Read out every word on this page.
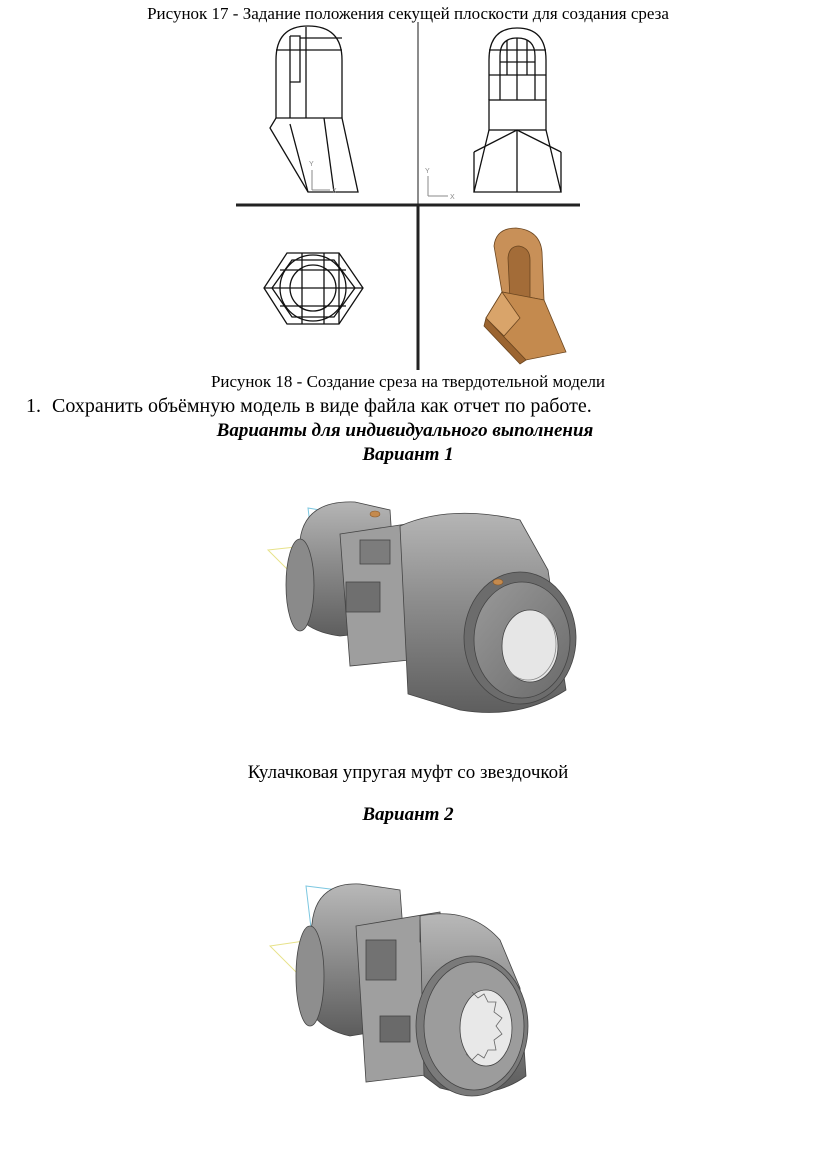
Рисунок 17 - Задание положения секущей плоскости для создания среза
Y
X
Y
X
Рисунок 18 - Создание среза на твердотельной модели
1. Сохранить объёмную модель в виде файла как отчет по работе.
Варианты для индивидуального выполнения
Вариант 1
Кулачковая упругая муфт со звездочкой
Вариант 2
